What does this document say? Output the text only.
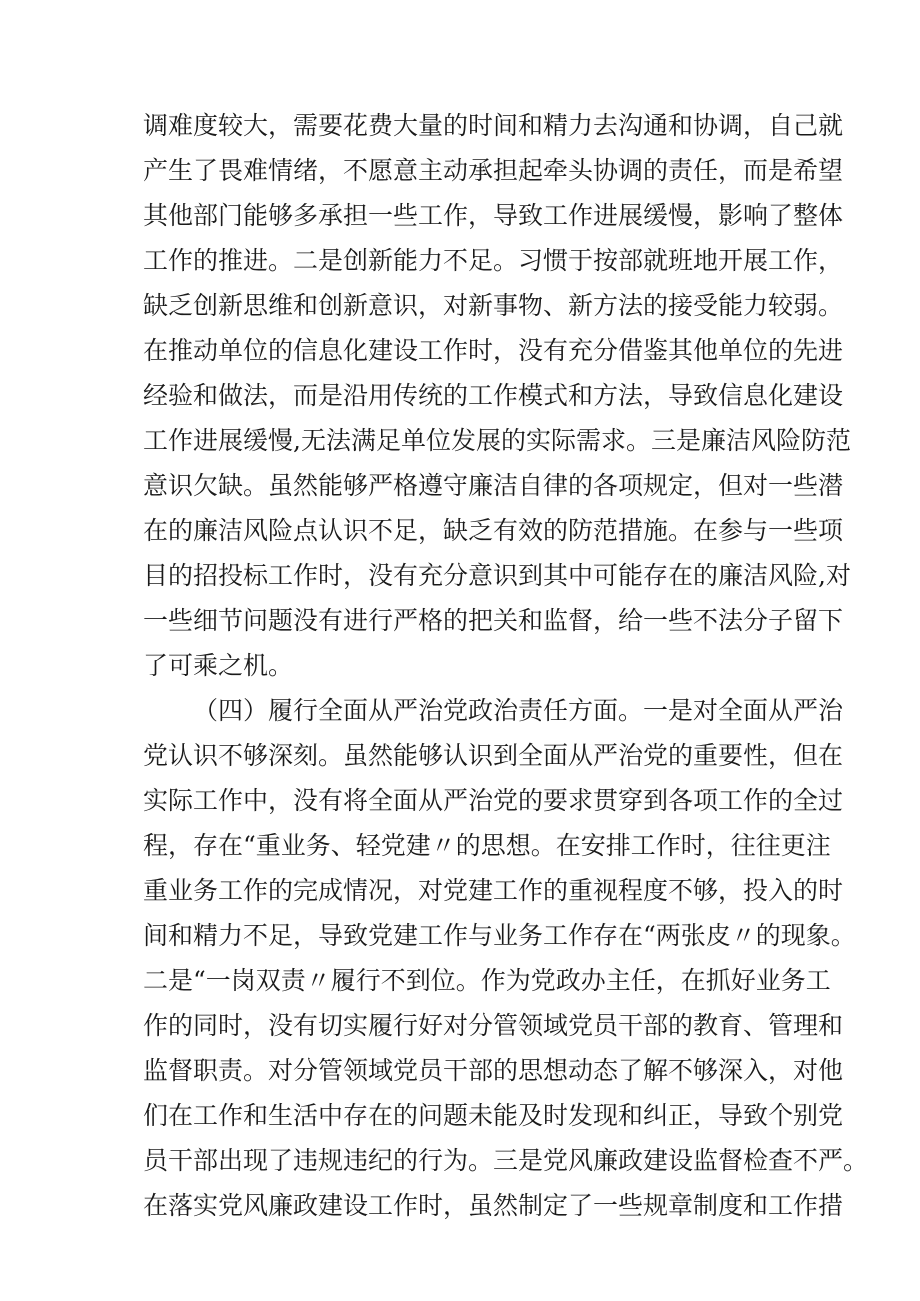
调难度较大，需要花费大量的时间和精力去沟通和协调，自己就
产生了畏难情绪，不愿意主动承担起牵头协调的责任，而是希望
其他部门能够多承担一些工作，导致工作进展缓慢，影响了整体
工作的推进。二是创新能力不足。习惯于按部就班地开展工作，
缺乏创新思维和创新意识，对新事物、新方法的接受能力较弱。
在推动单位的信息化建设工作时，没有充分借鉴其他单位的先进
经验和做法，而是沿用传统的工作模式和方法，导致信息化建设
工作进展缓慢,无法满足单位发展的实际需求。三是廉洁风险防范
意识欠缺。虽然能够严格遵守廉洁自律的各项规定，但对一些潜
在的廉洁风险点认识不足，缺乏有效的防范措施。在参与一些项
目的招投标工作时，没有充分意识到其中可能存在的廉洁风险,对
一些细节问题没有进行严格的把关和监督，给一些不法分子留下
了可乘之机。
（四）履行全面从严治党政治责任方面。一是对全面从严治
党认识不够深刻。虽然能够认识到全面从严治党的重要性，但在
实际工作中，没有将全面从严治党的要求贯穿到各项工作的全过
程，存在“重业务、轻党建〃的思想。在安排工作时，往往更注
重业务工作的完成情况，对党建工作的重视程度不够，投入的时
间和精力不足，导致党建工作与业务工作存在“两张皮〃的现象。
二是“一岗双责〃履行不到位。作为党政办主任，在抓好业务工
作的同时，没有切实履行好对分管领域党员干部的教育、管理和
监督职责。对分管领域党员干部的思想动态了解不够深入，对他
们在工作和生活中存在的问题未能及时发现和纠正，导致个别党
员干部出现了违规违纪的行为。三是党风廉政建设监督检查不严。
在落实党风廉政建设工作时，虽然制定了一些规章制度和工作措
